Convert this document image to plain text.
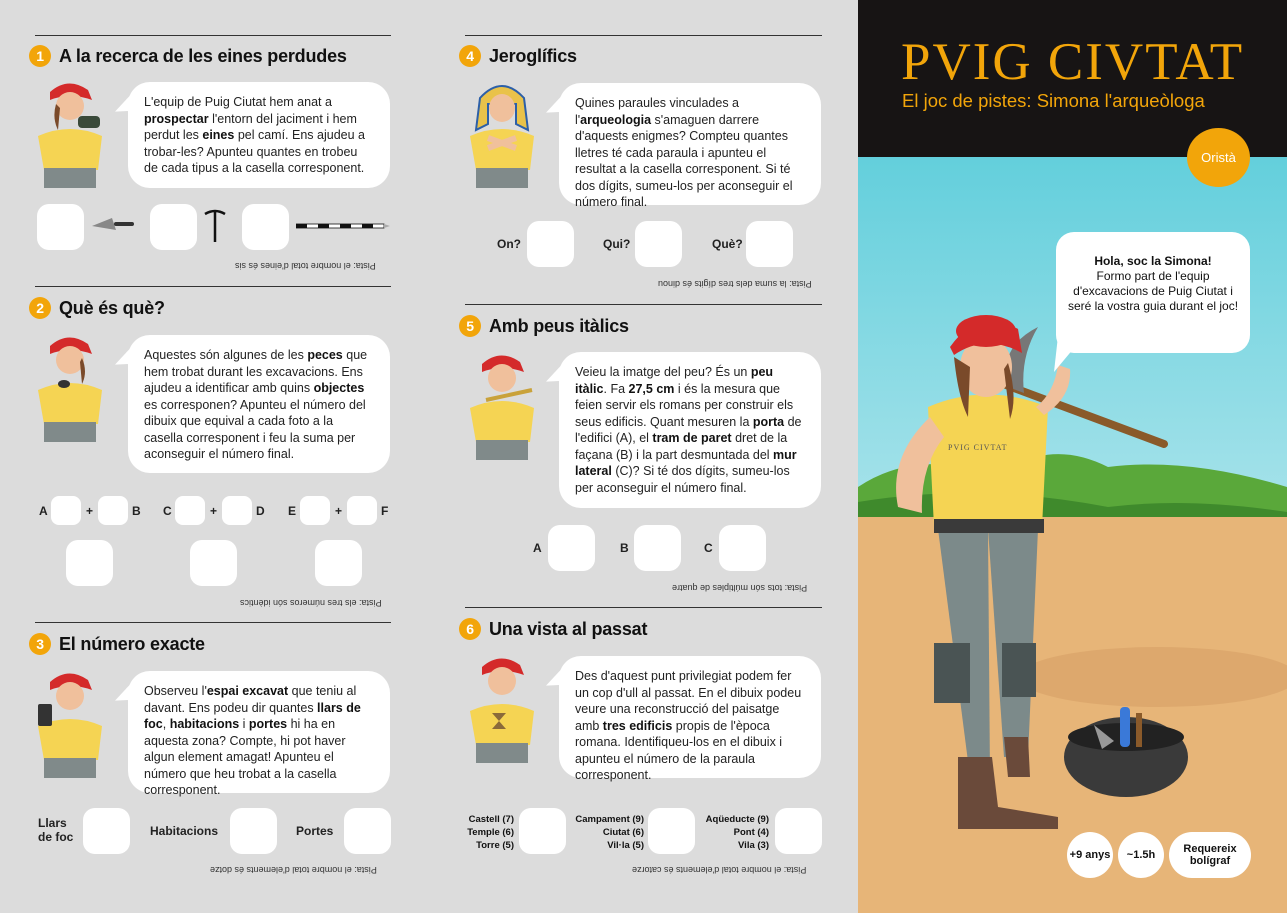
1 A la recerca de les eines perdudes
L'equip de Puig Ciutat hem anat a prospectar l'entorn del jaciment i hem perdut les eines pel camí. Ens ajudeu a trobar-les? Apunteu quantes en trobeu de cada tipus a la casella corresponent.
Pista: el nombre total d'eines és sis
2 Què és què?
Aquestes són algunes de les peces que hem trobat durant les excavacions. Ens ajudeu a identificar amb quins objectes es corresponen? Apunteu el número del dibuix que equival a cada foto a la casella corresponent i feu la suma per aconseguir el número final.
A	+	B C	+	D E	+	F
Pista: els tres números són idèntics
3 El número exacte
Observeu l'espai excavat que teniu al davant. Ens podeu dir quantes llars de foc, habitacions i portes hi ha en aquesta zona? Compte, hi pot haver algun element amagat! Apunteu el número que heu trobat a la casella corresponent.
Llars de foc	Habitacions	Portes
Pista: el nombre total d'elements és dotze
4 Jeroglífics
Quines paraules vinculades a l'arqueologia s'amaguen darrere d'aquests enigmes? Compteu quantes lletres té cada paraula i apunteu el resultat a la casella corresponent. Si té dos dígits, sumeu-los per aconseguir el número final.
On?	Qui?	Què?
Pista: la suma dels tres dígits és dinou
5 Amb peus itàlics
Veieu la imatge del peu? És un peu itàlic. Fa 27,5 cm i és la mesura que feien servir els romans per construir els seus edificis. Quant mesuren la porta de l'edifici (A), el tram de paret dret de la façana (B) i la part desmuntada del mur lateral (C)? Si té dos dígits, sumeu-los per aconseguir el número final.
A	B	C
Pista: tots són múltiples de quatre
6 Una vista al passat
Des d'aquest punt privilegiat podem fer un cop d'ull al passat. En el dibuix podeu veure una reconstrucció del paisatge amb tres edificis propis de l'època romana. Identifiqueu-los en el dibuix i apunteu el número de la paraula corresponent.
Castell (7)
Temple (6)
Torre (5)
Campament (9)
Ciutat (6)
Vil·la (5)
Aqüeducte (9)
Pont (4)
Vila (3)
Pista: el nombre total d'elements és catorze
PVIG CIVTAT
El joc de pistes: Simona l'arqueòloga
Oristà
PVIG CIVTAT
Hola, soc la Simona!
Formo part de l'equip d'excavacions de Puig Ciutat i seré la vostra guia durant el joc!
+9 anys	~1.5h	Requereix bolígraf
